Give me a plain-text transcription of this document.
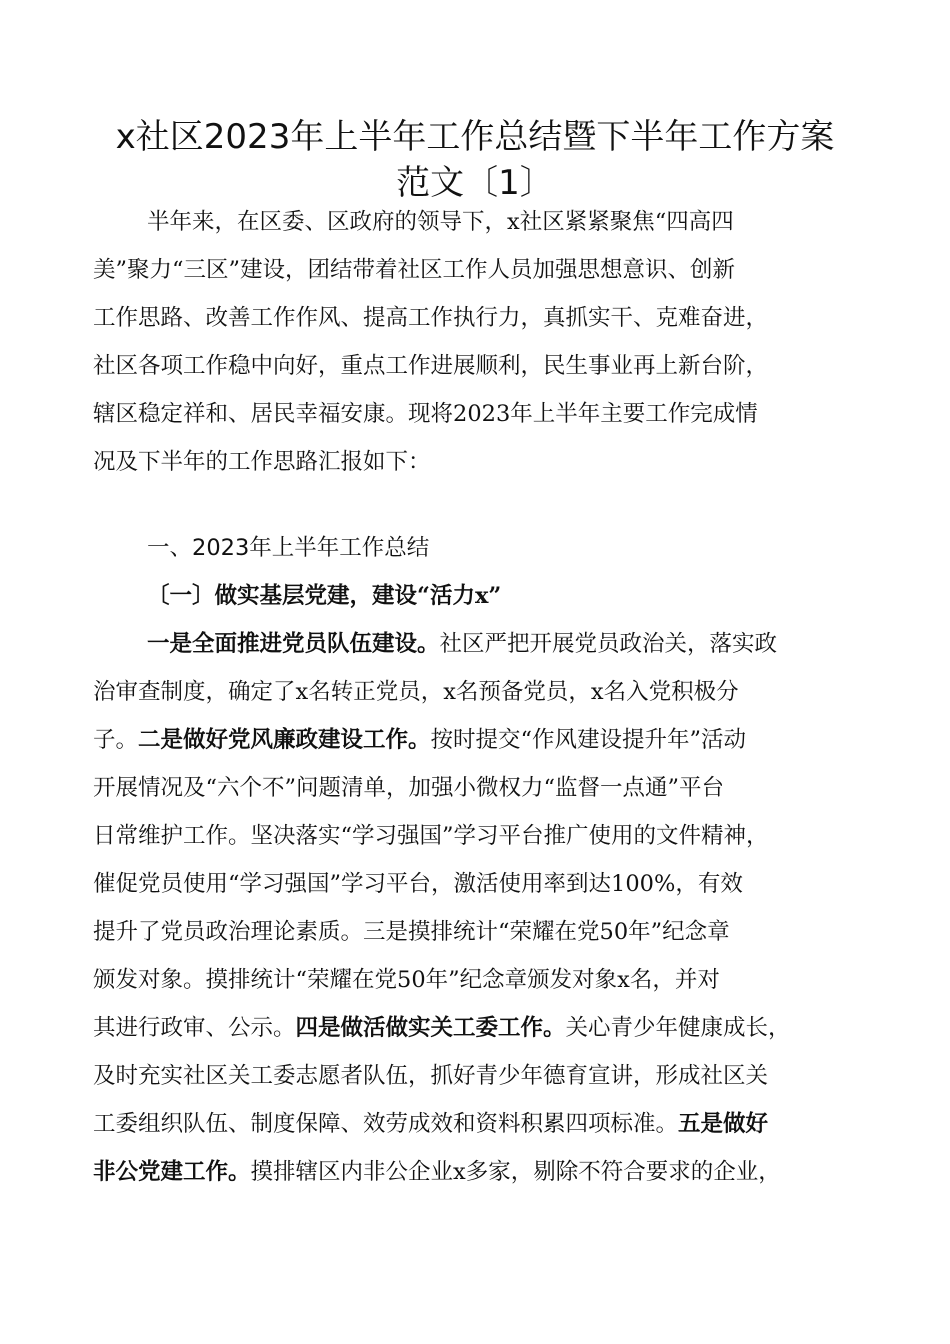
x社区2023年上半年工作总结暨下半年工作方案
范文〔1〕
半年来，在区委、区政府的领导下，x社区紧紧聚焦“四高四
美”聚力“三区”建设，团结带着社区工作人员加强思想意识、创新
工作思路、改善工作作风、提高工作执行力，真抓实干、克难奋进，
社区各项工作稳中向好，重点工作进展顺利，民生事业再上新台阶，
辖区稳定祥和、居民幸福安康。现将2023年上半年主要工作完成情
况及下半年的工作思路汇报如下：
一、2023年上半年工作总结
〔一〕做实基层党建，建设“活力x”
一是全面推进党员队伍建设。社区严把开展党员政治关，落实政
治审查制度，确定了x名转正党员，x名预备党员，x名入党积极分
子。二是做好党风廉政建设工作。按时提交“作风建设提升年”活动
开展情况及“六个不”问题清单，加强小微权力“监督一点通”平台
日常维护工作。坚决落实“学习强国”学习平台推广使用的文件精神，
催促党员使用“学习强国”学习平台，激活使用率到达100%，有效
提升了党员政治理论素质。三是摸排统计“荣耀在党50年”纪念章
颁发对象。摸排统计“荣耀在党50年”纪念章颁发对象x名，并对
其进行政审、公示。四是做活做实关工委工作。关心青少年健康成长，
及时充实社区关工委志愿者队伍，抓好青少年德育宣讲，形成社区关
工委组织队伍、制度保障、效劳成效和资料积累四项标准。五是做好
非公党建工作。摸排辖区内非公企业x多家，剔除不符合要求的企业，
